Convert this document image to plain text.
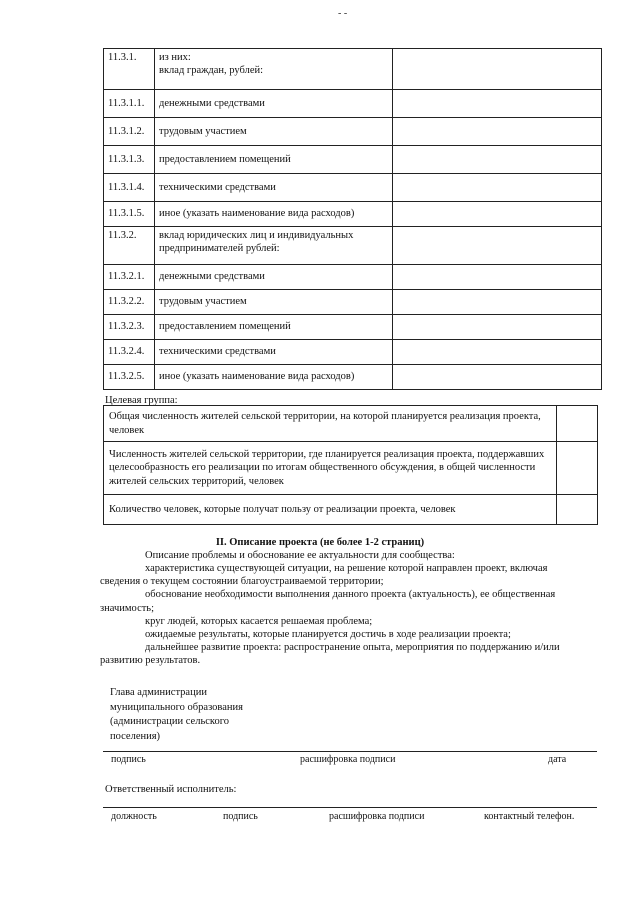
- -
11.3.1.	из них:
вклад граждан, рублей:	
11.3.1.1.	денежными средствами	
11.3.1.2.	трудовым участием	
11.3.1.3.	предоставлением помещений	
11.3.1.4.	техническими средствами	
11.3.1.5.	иное (указать наименование вида расходов)	
11.3.2.	вклад юридических лиц и индивидуальных предпринимателей рублей:	
11.3.2.1.	денежными средствами	
11.3.2.2.	трудовым участием	
11.3.2.3.	предоставлением помещений	
11.3.2.4.	техническими средствами	
11.3.2.5.	иное (указать наименование вида расходов)	
Целевая группа:
Общая численность жителей сельской территории, на которой планируется реализация проекта, человек	
Численность жителей сельской территории, где планируется реализация проекта, поддержавших целесообразность его реализации по итогам общественного обсуждения, в общей численности жителей сельских территорий, человек	
Количество человек, которые получат пользу от реализации проекта, человек	
II. Описание проекта (не более 1-2 страниц)
Описание проблемы и обоснование ее актуальности для сообщества:
характеристика существующей ситуации, на решение которой направлен проект, включая
сведения о текущем состоянии благоустраиваемой территории;
обоснование необходимости выполнения данного проекта (актуальность), ее общественная
значимость;
круг людей, которых касается решаемая проблема;
ожидаемые результаты, которые планируется достичь в ходе реализации проекта;
дальнейшее развитие проекта: распространение опыта, мероприятия по поддержанию и/или
развитию результатов.
Глава администрации
муниципального образования
(администрации сельского
поселения)
подпись	расшифровка подписи	дата
Ответственный исполнитель:
должность	подпись	расшифровка подписи	контактный телефон.
